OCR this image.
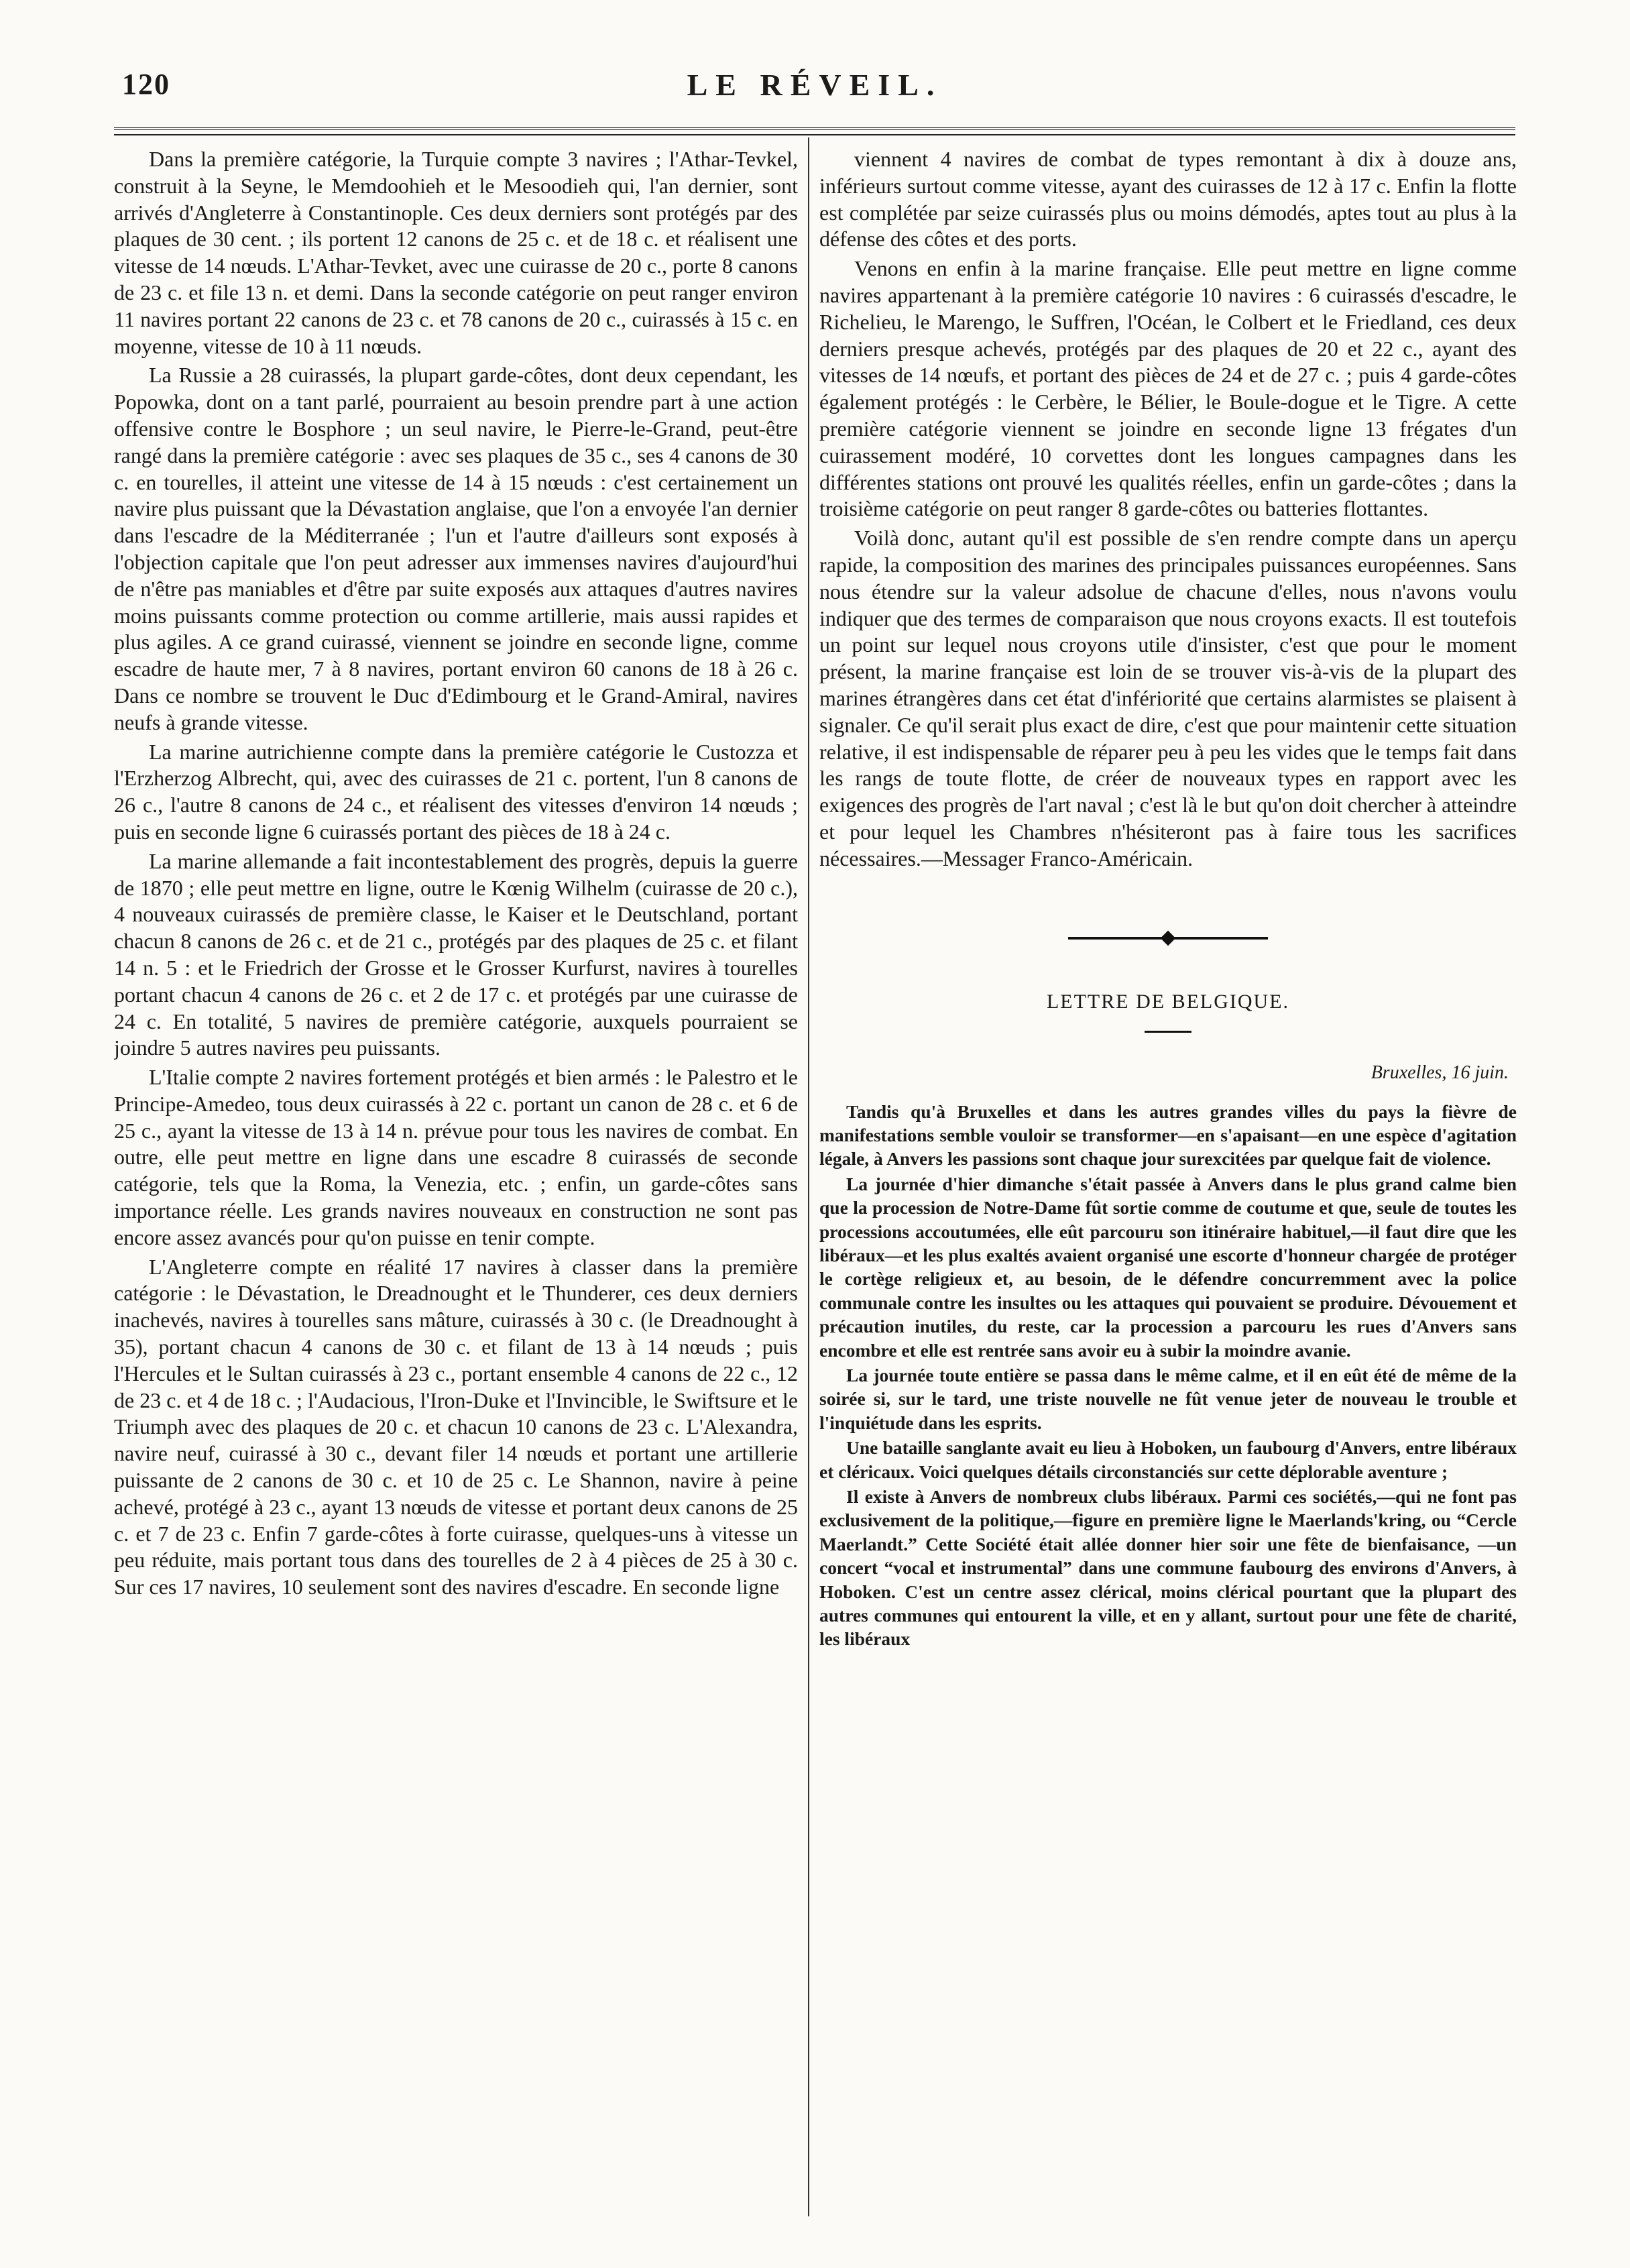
120	LE RÉVEIL.

Dans la première catégorie, la Turquie compte 3 navires ; l'Athar-Tevkel, construit à la Seyne, le Memdoohieh et le Mesoodieh qui, l'an dernier, sont arrivés d'Angleterre à Constantinople. Ces deux derniers sont protégés par des plaques de 30 cent. ; ils portent 12 canons de 25 c. et de 18 c. et réalisent une vitesse de 14 nœuds. L'Athar-Tevket, avec une cuirasse de 20 c., porte 8 canons de 23 c. et file 13 n. et demi. Dans la seconde catégorie on peut ranger environ 11 navires portant 22 canons de 23 c. et 78 canons de 20 c., cuirassés à 15 c. en moyenne, vitesse de 10 à 11 nœuds.

La Russie a 28 cuirassés, la plupart garde-côtes, dont deux cependant, les Popowka, dont on a tant parlé, pourraient au besoin prendre part à une action offensive contre le Bosphore ; un seul navire, le Pierre-le-Grand, peut-être rangé dans la première catégorie : avec ses plaques de 35 c., ses 4 canons de 30 c. en tourelles, il atteint une vitesse de 14 à 15 nœuds : c'est certainement un navire plus puissant que la Dévastation anglaise, que l'on a envoyée l'an dernier dans l'escadre de la Méditerranée ; l'un et l'autre d'ailleurs sont exposés à l'objection capitale que l'on peut adresser aux immenses navires d'aujourd'hui de n'être pas maniables et d'être par suite exposés aux attaques d'autres navires moins puissants comme protection ou comme artillerie, mais aussi rapides et plus agiles. A ce grand cuirassé, viennent se joindre en seconde ligne, comme escadre de haute mer, 7 à 8 navires, portant environ 60 canons de 18 à 26 c. Dans ce nombre se trouvent le Duc d'Edimbourg et le Grand-Amiral, navires neufs à grande vitesse.

La marine autrichienne compte dans la première catégorie le Custozza et l'Erzherzog Albrecht, qui, avec des cuirasses de 21 c. portent, l'un 8 canons de 26 c., l'autre 8 canons de 24 c., et réalisent des vitesses d'environ 14 nœuds ; puis en seconde ligne 6 cuirassés portant des pièces de 18 à 24 c.

La marine allemande a fait incontestablement des progrès, depuis la guerre de 1870 ; elle peut mettre en ligne, outre le Kœnig Wilhelm (cuirasse de 20 c.), 4 nouveaux cuirassés de première classe, le Kaiser et le Deutschland, portant chacun 8 canons de 26 c. et de 21 c., protégés par des plaques de 25 c. et filant 14 n. 5 : et le Friedrich der Grosse et le Grosser Kurfurst, navires à tourelles portant chacun 4 canons de 26 c. et 2 de 17 c. et protégés par une cuirasse de 24 c. En totalité, 5 navires de première catégorie, auxquels pourraient se joindre 5 autres navires peu puissants.

L'Italie compte 2 navires fortement protégés et bien armés : le Palestro et le Principe-Amedeo, tous deux cuirassés à 22 c. portant un canon de 28 c. et 6 de 25 c., ayant la vitesse de 13 à 14 n. prévue pour tous les navires de combat. En outre, elle peut mettre en ligne dans une escadre 8 cuirassés de seconde catégorie, tels que la Roma, la Venezia, etc. ; enfin, un garde-côtes sans importance réelle. Les grands navires nouveaux en construction ne sont pas encore assez avancés pour qu'on puisse en tenir compte.

L'Angleterre compte en réalité 17 navires à classer dans la première catégorie : le Dévastation, le Dreadnought et le Thunderer, ces deux derniers inachevés, navires à tourelles sans mâture, cuirassés à 30 c. (le Dreadnought à 35), portant chacun 4 canons de 30 c. et filant de 13 à 14 nœuds ; puis l'Hercules et le Sultan cuirassés à 23 c., portant ensemble 4 canons de 22 c., 12 de 23 c. et 4 de 18 c. ; l'Audacious, l'Iron-Duke et l'Invincible, le Swiftsure et le Triumph avec des plaques de 20 c. et chacun 10 canons de 23 c. L'Alexandra, navire neuf, cuirassé à 30 c., devant filer 14 nœuds et portant une artillerie puissante de 2 canons de 30 c. et 10 de 25 c. Le Shannon, navire à peine achevé, protégé à 23 c., ayant 13 nœuds de vitesse et portant deux canons de 25 c. et 7 de 23 c. Enfin 7 garde-côtes à forte cuirasse, quelques-uns à vitesse un peu réduite, mais portant tous dans des tourelles de 2 à 4 pièces de 25 à 30 c. Sur ces 17 navires, 10 seulement sont des navires d'escadre. En seconde ligne

viennent 4 navires de combat de types remontant à dix à douze ans, inférieurs surtout comme vitesse, ayant des cuirasses de 12 à 17 c. Enfin la flotte est complétée par seize cuirassés plus ou moins démodés, aptes tout au plus à la défense des côtes et des ports.

Venons en enfin à la marine française. Elle peut mettre en ligne comme navires appartenant à la première catégorie 10 navires : 6 cuirassés d'escadre, le Richelieu, le Marengo, le Suffren, l'Océan, le Colbert et le Friedland, ces deux derniers presque achevés, protégés par des plaques de 20 et 22 c., ayant des vitesses de 14 nœufs, et portant des pièces de 24 et de 27 c. ; puis 4 garde-côtes également protégés : le Cerbère, le Bélier, le Boule-dogue et le Tigre. A cette première catégorie viennent se joindre en seconde ligne 13 frégates d'un cuirassement modéré, 10 corvettes dont les longues campagnes dans les différentes stations ont prouvé les qualités réelles, enfin un garde-côtes ; dans la troisième catégorie on peut ranger 8 garde-côtes ou batteries flottantes.

Voilà donc, autant qu'il est possible de s'en rendre compte dans un aperçu rapide, la composition des marines des principales puissances européennes. Sans nous étendre sur la valeur adsolue de chacune d'elles, nous n'avons voulu indiquer que des termes de comparaison que nous croyons exacts. Il est toutefois un point sur lequel nous croyons utile d'insister, c'est que pour le moment présent, la marine française est loin de se trouver vis-à-vis de la plupart des marines étrangères dans cet état d'infériorité que certains alarmistes se plaisent à signaler. Ce qu'il serait plus exact de dire, c'est que pour maintenir cette situation relative, il est indispensable de réparer peu à peu les vides que le temps fait dans les rangs de toute flotte, de créer de nouveaux types en rapport avec les exigences des progrès de l'art naval ; c'est là le but qu'on doit chercher à atteindre et pour lequel les Chambres n'hésiteront pas à faire tous les sacrifices nécessaires.—Messager Franco-Américain.

LETTRE DE BELGIQUE.
Bruxelles, 16 juin.

Tandis qu'à Bruxelles et dans les autres grandes villes du pays la fièvre de manifestations semble vouloir se transformer—en s'apaisant—en une espèce d'agitation légale, à Anvers les passions sont chaque jour surexcitées par quelque fait de violence.

La journée d'hier dimanche s'était passée à Anvers dans le plus grand calme bien que la procession de Notre-Dame fût sortie comme de coutume et que, seule de toutes les processions accoutumées, elle eût parcouru son itinéraire habituel,—il faut dire que les libéraux—et les plus exaltés avaient organisé une escorte d'honneur chargée de protéger le cortège religieux et, au besoin, de le défendre concurremment avec la police communale contre les insultes ou les attaques qui pouvaient se produire. Dévouement et précaution inutiles, du reste, car la procession a parcouru les rues d'Anvers sans encombre et elle est rentrée sans avoir eu à subir la moindre avanie.

La journée toute entière se passa dans le même calme, et il en eût été de même de la soirée si, sur le tard, une triste nouvelle ne fût venue jeter de nouveau le trouble et l'inquiétude dans les esprits.

Une bataille sanglante avait eu lieu à Hoboken, un faubourg d'Anvers, entre libéraux et cléricaux. Voici quelques détails circonstanciés sur cette déplorable aventure ;

Il existe à Anvers de nombreux clubs libéraux. Parmi ces sociétés,—qui ne font pas exclusivement de la politique,—figure en première ligne le Maerlands'kring, ou “Cercle Maerlandt.” Cette Société était allée donner hier soir une fête de bienfaisance, —un concert “vocal et instrumental” dans une commune faubourg des environs d'Anvers, à Hoboken. C'est un centre assez clérical, moins clérical pourtant que la plupart des autres communes qui entourent la ville, et en y allant, surtout pour une fête de charité, les libéraux
